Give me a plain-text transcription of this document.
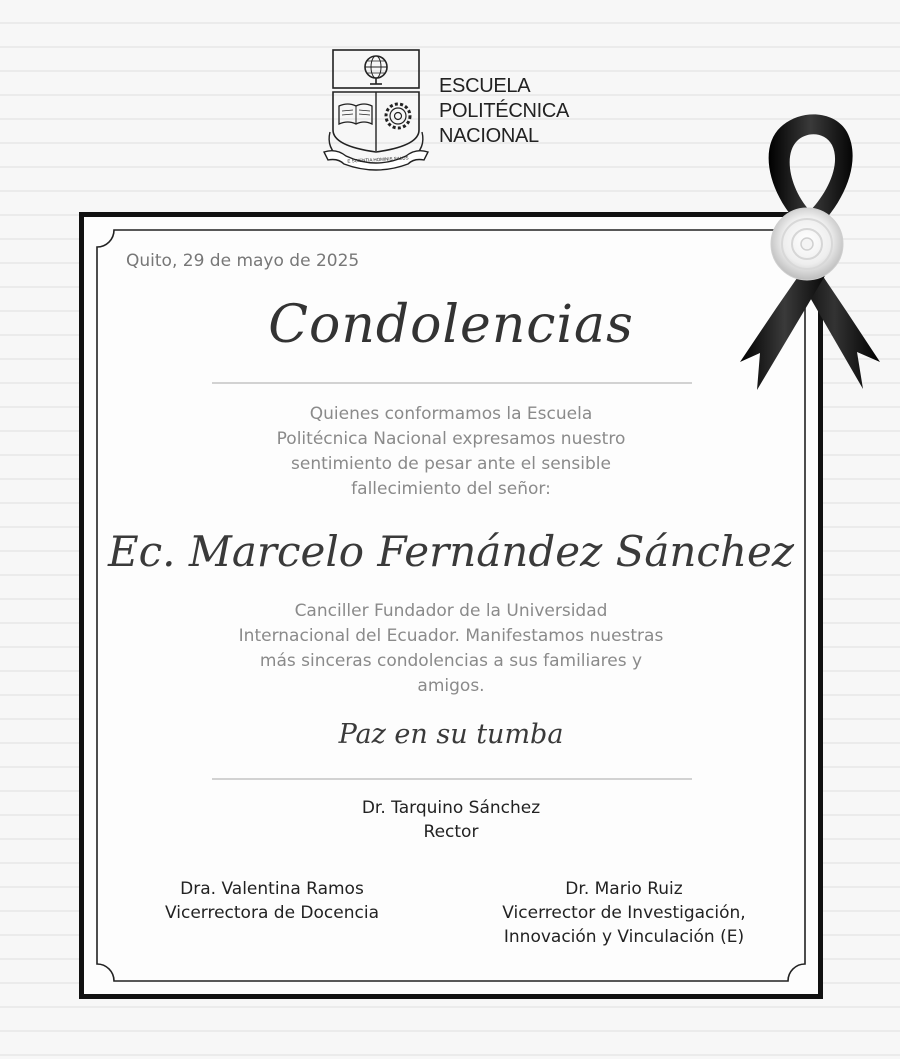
ESCUELA
POLITÉCNICA
NACIONAL
E SCIENTIA HOMINIS SALUS
Quito, 29 de mayo de 2025
Condolencias
Quienes conformamos la Escuela
Politécnica Nacional expresamos nuestro
sentimiento de pesar ante el sensible
fallecimiento del señor:
Ec. Marcelo Fernández Sánchez
Canciller Fundador de la Universidad
Internacional del Ecuador. Manifestamos nuestras
más sinceras condolencias a sus familiares y
amigos.
Paz en su tumba
Dr. Tarquino Sánchez
Rector
Dra. Valentina Ramos
Vicerrectora de Docencia
Dr. Mario Ruiz
Vicerrector de Investigación,
Innovación y Vinculación (E)
